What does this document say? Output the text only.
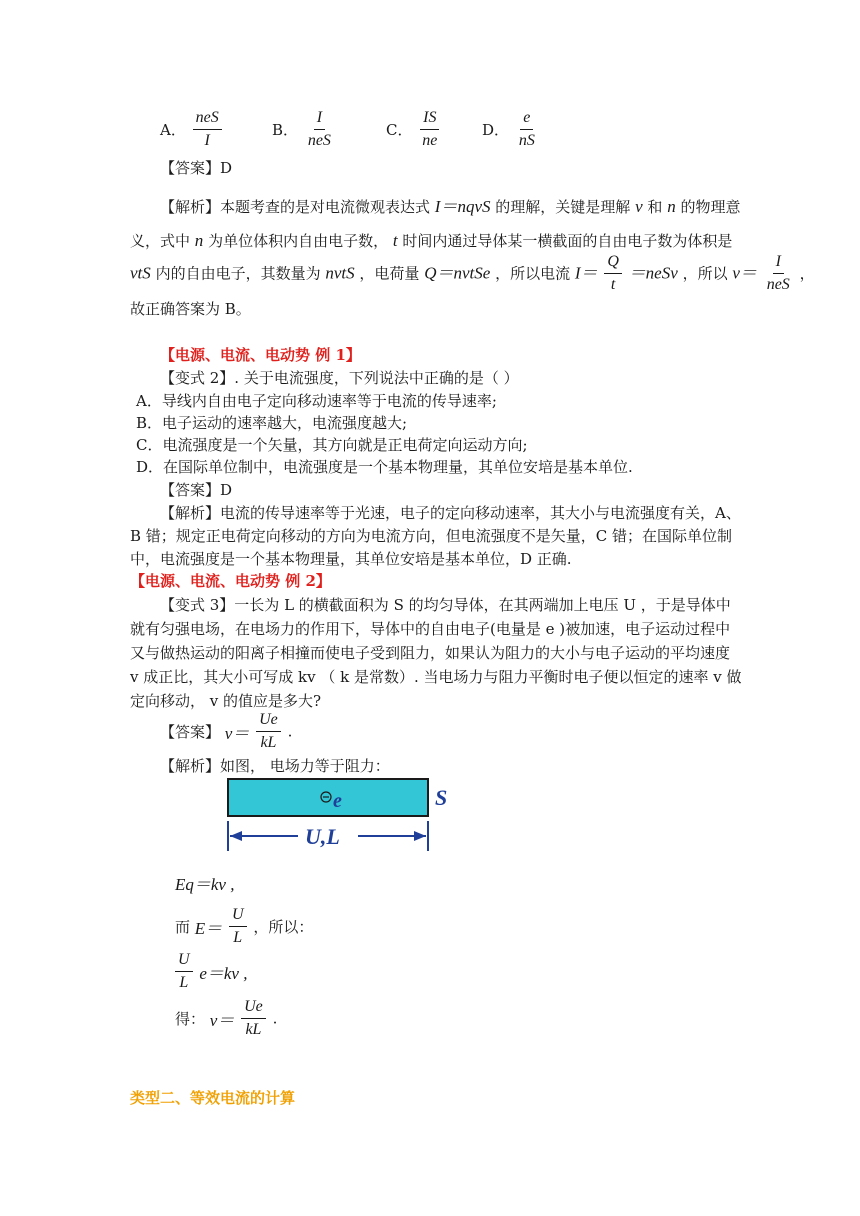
A． $\frac{\text{neS}}{I}$	B． $\frac{I}{\text{neS}}$	C． $\frac{IS}{ne}$	D． $\frac{e}{nS}$
【答案】D
【解析】本题考查的是对电流微观表达式 I＝nqvS 的理解，关键是理解 v 和 n 的物理意
义，式中 n 为单位体积内自由电子数， t 时间内通过导体某一横截面的自由电子数为体积是
vtS 内的自由电子，其数量为 nvtS ，电荷量 Q＝nvtSe ，所以电流 $I= \frac{Q}{t}$ ＝neSv ，所以 $v= \frac{I}{\text{neS}}$ ，
故正确答案为 B。
【电源、电流、电动势 例 1】
【变式 2】. 关于电流强度，下列说法中正确的是（ ）
A．导线内自由电子定向移动速率等于电流的传导速率;
B．电子运动的速率越大，电流强度越大;
C．电流强度是一个矢量，其方向就是正电荷定向运动方向;
D．在国际单位制中，电流强度是一个基本物理量，其单位安培是基本单位.
【答案】D
【解析】电流的传导速率等于光速，电子的定向移动速率，其大小与电流强度有关，A、
B 错；规定正电荷定向移动的方向为电流方向，但电流强度不是矢量，C 错；在国际单位制
中，电流强度是一个基本物理量，其单位安培是基本单位，D 正确.
【电源、电流、电动势 例 2】
【变式 3】一长为 L 的横截面积为 S 的均匀导体，在其两端加上电压 U ，于是导体中
就有匀强电场，在电场力的作用下，导体中的自由电子(电量是 e )被加速，电子运动过程中
又与做热运动的阳离子相撞而使电子受到阻力，如果认为阻力的大小与电子运动的平均速度
v 成正比，其大小可写成 kv （ k 是常数）. 当电场力与阻力平衡时电子便以恒定的速率 v 做
定向移动， v 的值应是多大?
【答案】 $v= \frac{Ue}{kL}$ .
【解析】如图， 电场力等于阻力：
e	S
U,L
Eq＝kv ,
而 $E= \frac{U}{L}$ ，所以：
$\frac{U}{L} e=kv$ ,
得： $v= \frac{Ue}{kL}$ .
类型二、等效电流的计算
